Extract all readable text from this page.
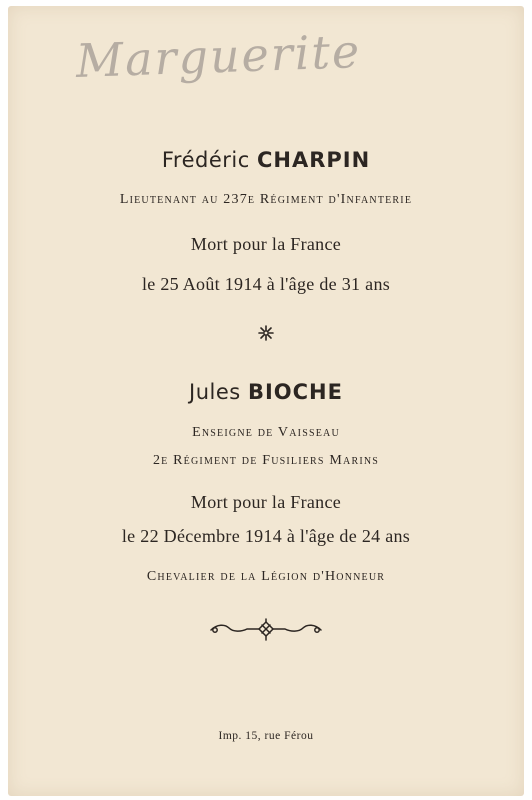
Marguerite
Frédéric CHARPIN
Lieutenant au 237e Régiment d'Infanterie
Mort pour la France
le 25 Août 1914 à l'âge de 31 ans
Jules BIOCHE
Enseigne de Vaisseau
2e Régiment de Fusiliers Marins
Mort pour la France
le 22 Décembre 1914 à l'âge de 24 ans
Chevalier de la Légion d'Honneur
Imp. 15, rue Férou
